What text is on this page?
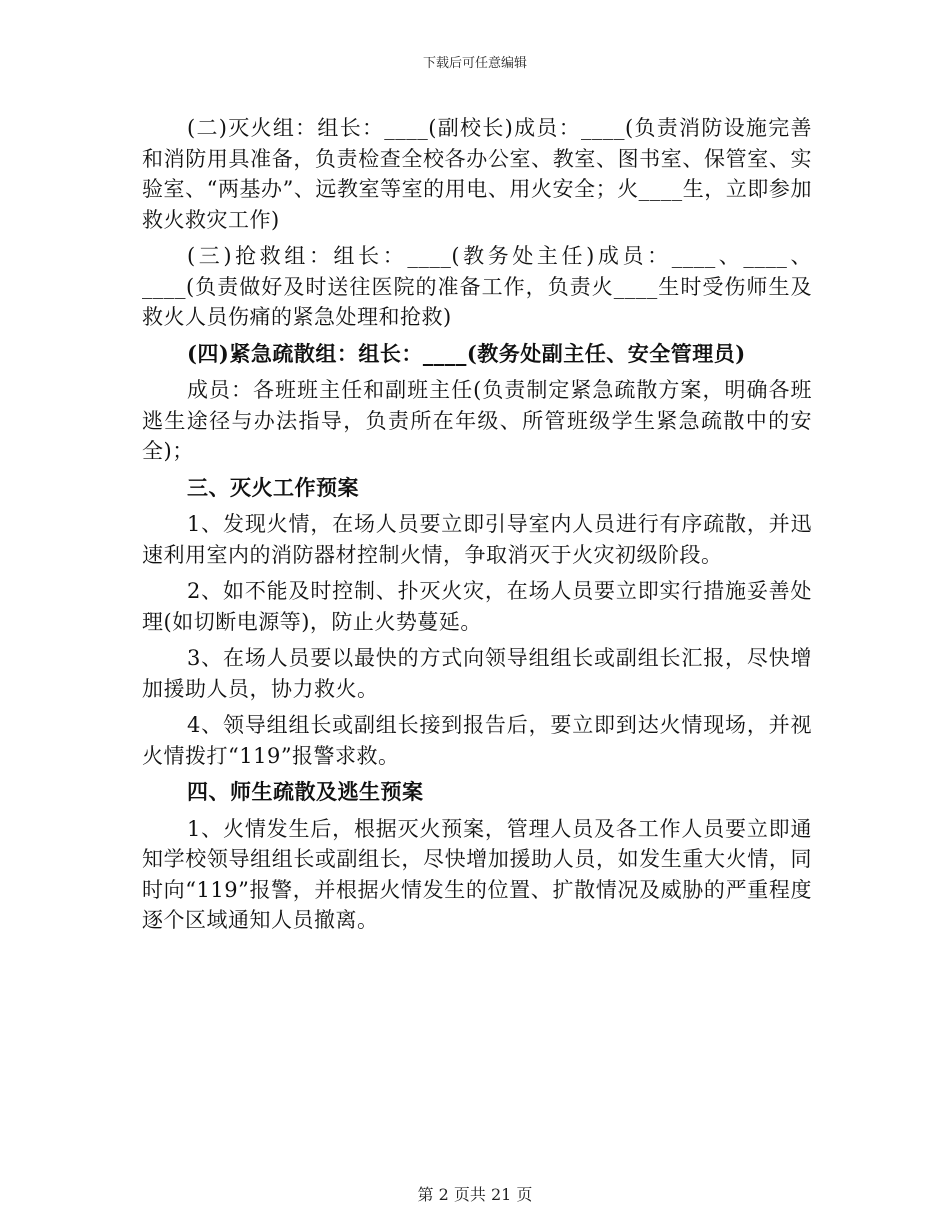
下载后可任意编辑

(二)灭火组：组长：____(副校长)成员：____(负责消防设施完善和消防用具准备，负责检查全校各办公室、教室、图书室、保管室、实验室、“两基办”、远教室等室的用电、用火安全；火____生，立即参加救火救灾工作)

(三)抢救组：组长：____(教务处主任)成员：____、____、____(负责做好及时送往医院的准备工作，负责火____生时受伤师生及救火人员伤痛的紧急处理和抢救)

(四)紧急疏散组：组长：____(教务处副主任、安全管理员)

成员：各班班主任和副班主任(负责制定紧急疏散方案，明确各班逃生途径与办法指导，负责所在年级、所管班级学生紧急疏散中的安全)；

三、灭火工作预案

1、发现火情，在场人员要立即引导室内人员进行有序疏散，并迅速利用室内的消防器材控制火情，争取消灭于火灾初级阶段。

2、如不能及时控制、扑灭火灾，在场人员要立即实行措施妥善处理(如切断电源等)，防止火势蔓延。

3、在场人员要以最快的方式向领导组组长或副组长汇报，尽快增加援助人员，协力救火。

4、领导组组长或副组长接到报告后，要立即到达火情现场，并视火情拨打“119”报警求救。

四、师生疏散及逃生预案

1、火情发生后，根据灭火预案，管理人员及各工作人员要立即通知学校领导组组长或副组长，尽快增加援助人员，如发生重大火情，同时向“119”报警，并根据火情发生的位置、扩散情况及威胁的严重程度逐个区域通知人员撤离。

第 2 页共 21 页
